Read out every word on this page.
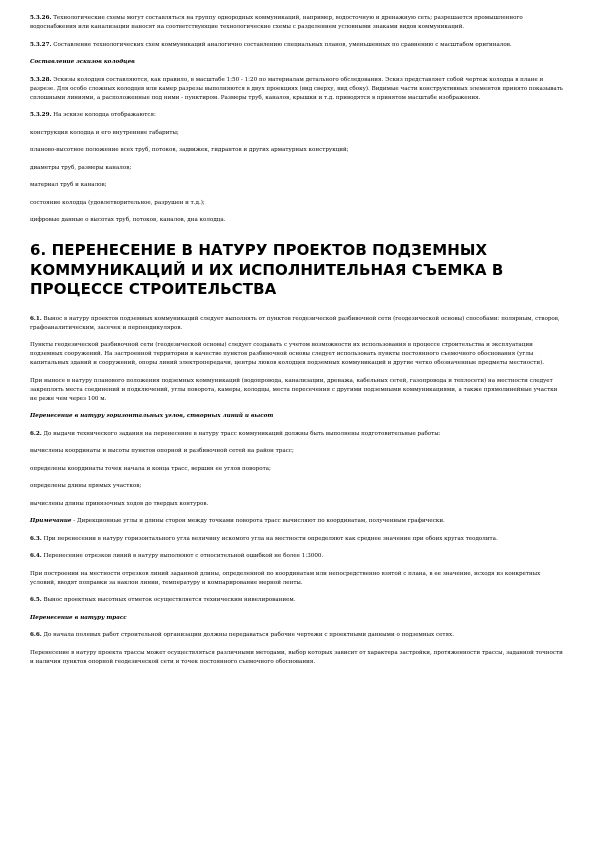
5.3.26. Технологические схемы могут составляться на группу однородных коммуникаций, например, водосточную и дренажную сеть; разрешается промышленного водоснабжения или канализации наносят на соответствующие технологические схемы с разделением условными знаками видов коммуникаций.

5.3.27. Составление технологических схем коммуникаций аналогично составлению специальных планов, уменьшенных по сравнению с масштабом оригиналов.

Составление эскизов колодцев

5.3.28. Эскизы колодцев составляются, как правило, в масштабе 1:50 - 1:20 по материалам детального обследования. Эскиз представляет собой чертеж колодца в плане и разрезе. Для особо сложных колодцев или камер разрезы выполняются в двух проекциях (вид сверху, вид сбоку). Видимые части конструктивных элементов принято показывать сплошными линиями, а расположенные под ними - пунктиром. Размеры труб, каналов, крышки и т.д. приводятся в принятом масштабе изображения.

5.3.29. На эскизе колодца отображаются:

конструкция колодца и его внутренние габариты;

планово-высотное положение всех труб, потоков, задвижек, гидрантов и других арматурных конструкций;

диаметры труб, размеры каналов;

материал труб и каналов;

состояние колодца (удовлетворительное, разрушен и т.д.);

цифровые данные о высотах труб, потоков, каналов, дна колодца.

6. ПЕРЕНЕСЕНИЕ В НАТУРУ ПРОЕКТОВ ПОДЗЕМНЫХ КОММУНИКАЦИЙ И ИХ ИСПОЛНИТЕЛЬНАЯ СЪЕМКА В ПРОЦЕССЕ СТРОИТЕЛЬСТВА

6.1. Вынос в натуру проектов подземных коммуникаций следует выполнять от пунктов геодезической разбивочной сети (геодезической основы) способами: полярным, створов, графоаналитическим, засечек и перпендикуляров.

Пункты геодезической разбивочной сети (геодезической основы) следует создавать с учетом возможности их использования в процессе строительства и эксплуатации подземных сооружений. На застроенной территории в качестве пунктов разбивочной основы следует использовать пункты постоянного съемочного обоснования (углы капитальных зданий и сооружений, опоры линий электропередачи, центры люков колодцев подземных коммуникаций и другие четко обозначенные предметы местности).

При выносе в натуру планового положения подземных коммуникаций (водопровода, канализации, дренажа, кабельных сетей, газопровода и теплосети) на местности следует закреплять места соединений и подключений, углы поворота, камеры, колодцы, места пересечения с другими подземными коммуникациями, а также прямолинейные участки не реже чем через 100 м.

Перенесение в натуру горизонтальных углов, створных линий и высот

6.2. До выдачи технического задания на перенесение в натуру трасс коммуникаций должны быть выполнены подготовительные работы:

вычислены координаты и высоты пунктов опорной и разбивочной сетей на район трасс;

определены координаты точек начала и конца трасс, вершин ее углов поворота;

определены длины прямых участков;

вычислены длины привязочных ходов до твердых контуров.

Примечание - Дирекционные углы и длины сторон между точками поворота трасс вычисляют по координатам, полученным графически.

6.3. При перенесении в натуру горизонтального угла величину искомого угла на местности определяют как среднее значение при обоих кругах теодолита.

6.4. Перенесение отрезков линий в натуру выполняют с относительной ошибкой не более 1:3000.

При построении на местности отрезков линий заданной длины, определенной по координатам или непосредственно взятой с плана, в ее значение, исходя из конкретных условий, вводят поправки за наклон линии, температуру и компарирование мерной ленты.

6.5. Вынос проектных высотных отметок осуществляется техническим нивелированием.

Перенесение в натуру трасс

6.6. До начала полевых работ строительной организации должны передаваться рабочие чертежи с проектными данными о подземных сетях.

Перенесение в натуру проекта трассы может осуществляться различными методами, выбор которых зависит от характера застройки, протяженности трассы, заданной точности и наличия пунктов опорной геодезической сети и точек постоянного съемочного обоснования.
